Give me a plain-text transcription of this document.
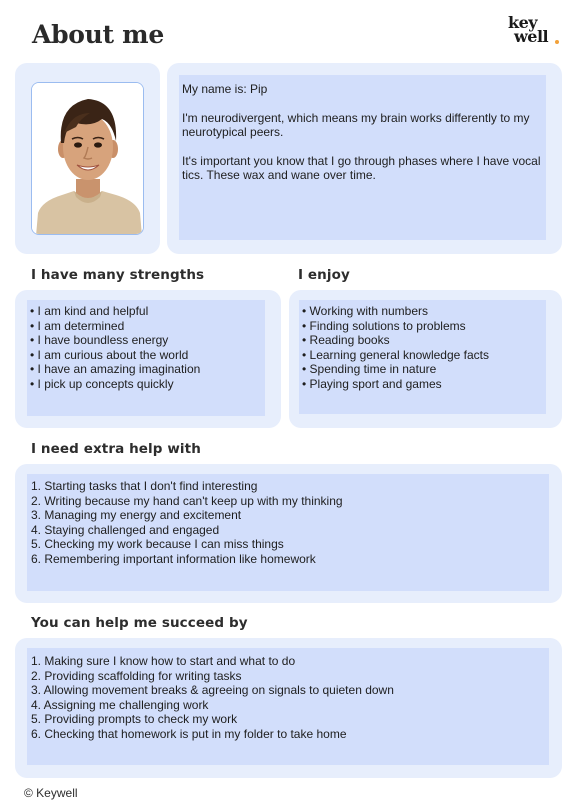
About me	key
well
My name is: Pip
I'm neurodivergent, which means my brain works differently to my neurotypical peers.
It's important you know that I go through phases where I have vocal tics. These wax and wane over time.
I have many strengths
• I am kind and helpful
• I am determined
• I have boundless energy
• I am curious about the world
• I have an amazing imagination
• I pick up concepts quickly
I enjoy
• Working with numbers
• Finding solutions to problems
• Reading books
• Learning general knowledge facts
• Spending time in nature
• Playing sport and games
I need extra help with
1. Starting tasks that I don't find interesting
2. Writing because my hand can't keep up with my thinking
3. Managing my energy and excitement
4. Staying challenged and engaged
5. Checking my work because I can miss things
6. Remembering important information like homework
You can help me succeed by
1. Making sure I know how to start and what to do
2. Providing scaffolding for writing tasks
3. Allowing movement breaks & agreeing on signals to quieten down
4. Assigning me challenging work
5. Providing prompts to check my work
6. Checking that homework is put in my folder to take home
© Keywell
